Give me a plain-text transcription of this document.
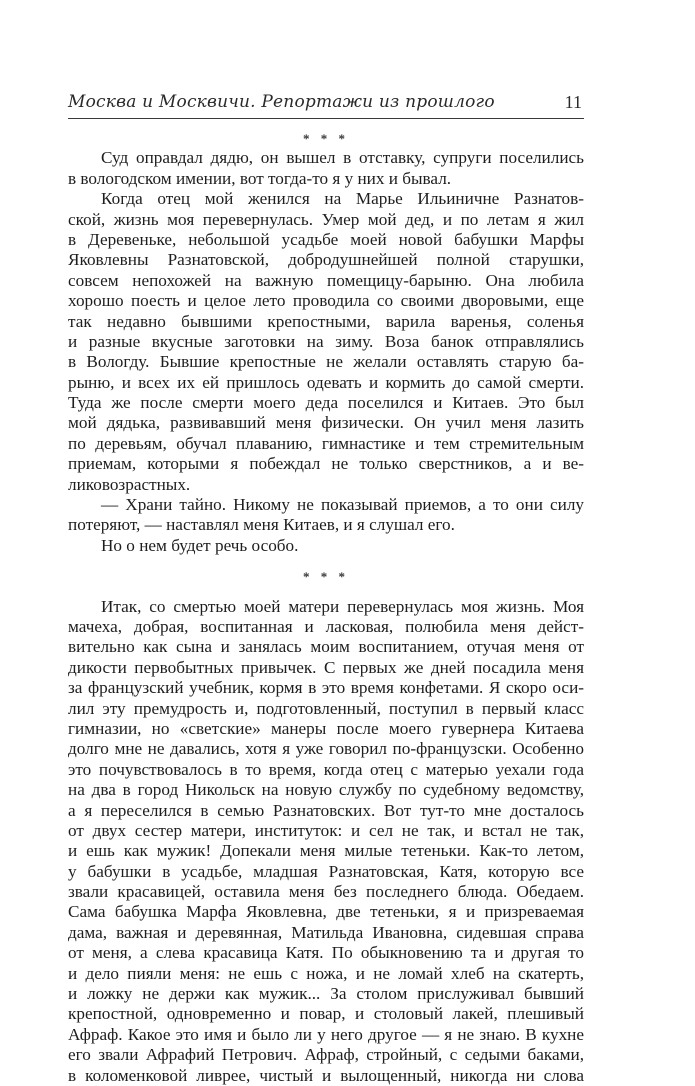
Москва и Москвичи. Репортажи из прошлого	11
* * *
Суд оправдал дядю, он вышел в отставку, супруги поселились
в вологодском имении, вот тогда-то я у них и бывал.
Когда отец мой женился на Марье Ильиничне Разнатов-
ской, жизнь моя перевернулась. Умер мой дед, и по летам я жил
в Деревеньке, небольшой усадьбе моей новой бабушки Марфы
Яковлевны Разнатовской, добродушнейшей полной старушки,
совсем непохожей на важную помещицу-барыню. Она любила
хорошо поесть и целое лето проводила со своими дворовыми, еще
так недавно бывшими крепостными, варила варенья, соленья
и разные вкусные заготовки на зиму. Воза банок отправлялись
в Вологду. Бывшие крепостные не желали оставлять старую ба-
рыню, и всех их ей пришлось одевать и кормить до самой смерти.
Туда же после смерти моего деда поселился и Китаев. Это был
мой дядька, развивавший меня физически. Он учил меня лазить
по деревьям, обучал плаванию, гимнастике и тем стремительным
приемам, которыми я побеждал не только сверстников, а и ве-
ликовозрастных.
— Храни тайно. Никому не показывай приемов, а то они силу
потеряют, — наставлял меня Китаев, и я слушал его.
Но о нем будет речь особо.
* * *
Итак, со смертью моей матери перевернулась моя жизнь. Моя
мачеха, добрая, воспитанная и ласковая, полюбила меня дейст-
вительно как сына и занялась моим воспитанием, отучая меня от
дикости первобытных привычек. С первых же дней посадила меня
за французский учебник, кормя в это время конфетами. Я скоро оси-
лил эту премудрость и, подготовленный, поступил в первый класс
гимназии, но «светские» манеры после моего гувернера Китаева
долго мне не давались, хотя я уже говорил по-французски. Особенно
это почувствовалось в то время, когда отец с матерью уехали года
на два в город Никольск на новую службу по судебному ведомству,
а я переселился в семью Разнатовских. Вот тут-то мне досталось
от двух сестер матери, институток: и сел не так, и встал не так,
и ешь как мужик! Допекали меня милые тетеньки. Как-то летом,
у бабушки в усадьбе, младшая Разнатовская, Катя, которую все
звали красавицей, оставила меня без последнего блюда. Обедаем.
Сама бабушка Марфа Яковлевна, две тетеньки, я и призреваемая
дама, важная и деревянная, Матильда Ивановна, сидевшая справа
от меня, а слева красавица Катя. По обыкновению та и другая то
и дело пияли меня: не ешь с ножа, и не ломай хлеб на скатерть,
и ложку не держи как мужик... За столом прислуживал бывший
крепостной, одновременно и повар, и столовый лакей, плешивый
Афраф. Какое это имя и было ли у него другое — я не знаю. В кухне
его звали Афрафий Петрович. Афраф, стройный, с седыми баками,
в коломенковой ливрее, чистый и вылощенный, никогда ни слова
